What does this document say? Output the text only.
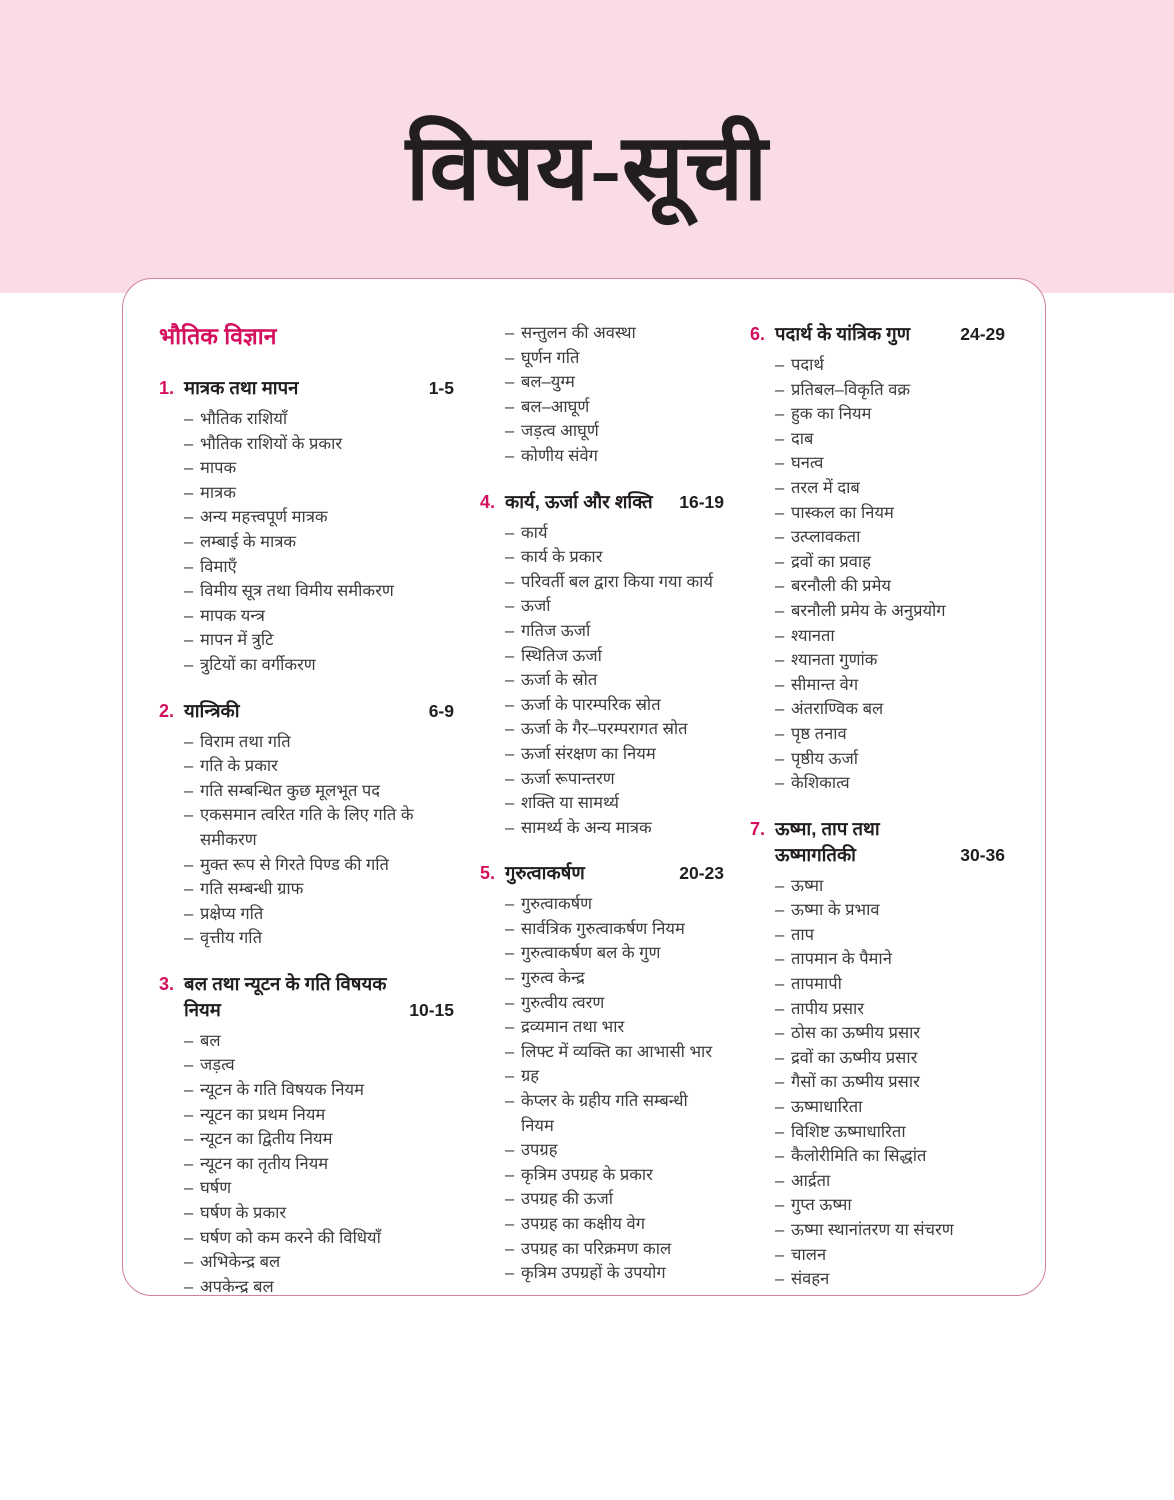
विषय-सूची
भौतिक विज्ञान
1. मात्रक तथा मापन	1-5
– भौतिक राशियाँ
– भौतिक राशियों के प्रकार
– मापक
– मात्रक
– अन्य महत्त्वपूर्ण मात्रक
– लम्बाई के मात्रक
– विमाएँ
– विमीय सूत्र तथा विमीय समीकरण
– मापक यन्त्र
– मापन में त्रुटि
– त्रुटियों का वर्गीकरण
2. यान्त्रिकी	6-9
– विराम तथा गति
– गति के प्रकार
– गति सम्बन्धित कुछ मूलभूत पद
– एकसमान त्वरित गति के लिए गति के समीकरण
– मुक्त रूप से गिरते पिण्ड की गति
– गति सम्बन्धी ग्राफ
– प्रक्षेप्य गति
– वृत्तीय गति
3. बल तथा न्यूटन के गति विषयक नियम	10-15
– बल
– जड़त्व
– न्यूटन के गति विषयक नियम
– न्यूटन का प्रथम नियम
– न्यूटन का द्वितीय नियम
– न्यूटन का तृतीय नियम
– घर्षण
– घर्षण के प्रकार
– घर्षण को कम करने की विधियाँ
– अभिकेन्द्र बल
– अपकेन्द्र बल
– सन्तुलन की अवस्था
– घूर्णन गति
– बल–युग्म
– बल–आघूर्ण
– जड़त्व आघूर्ण
– कोणीय संवेग
4. कार्य, ऊर्जा और शक्ति	16-19
– कार्य
– कार्य के प्रकार
– परिवर्ती बल द्वारा किया गया कार्य
– ऊर्जा
– गतिज ऊर्जा
– स्थितिज ऊर्जा
– ऊर्जा के स्रोत
– ऊर्जा के पारम्परिक स्रोत
– ऊर्जा के गैर–परम्परागत स्रोत
– ऊर्जा संरक्षण का नियम
– ऊर्जा रूपान्तरण
– शक्ति या सामर्थ्य
– सामर्थ्य के अन्य मात्रक
5. गुरुत्वाकर्षण	20-23
– गुरुत्वाकर्षण
– सार्वत्रिक गुरुत्वाकर्षण नियम
– गुरुत्वाकर्षण बल के गुण
– गुरुत्व केन्द्र
– गुरुत्वीय त्वरण
– द्रव्यमान तथा भार
– लिफ्ट में व्यक्ति का आभासी भार
– ग्रह
– केप्लर के ग्रहीय गति सम्बन्धी नियम
– उपग्रह
– कृत्रिम उपग्रह के प्रकार
– उपग्रह की ऊर्जा
– उपग्रह का कक्षीय वेग
– उपग्रह का परिक्रमण काल
– कृत्रिम उपग्रहों के उपयोग
6. पदार्थ के यांत्रिक गुण	24-29
– पदार्थ
– प्रतिबल–विकृति वक्र
– हुक का नियम
– दाब
– घनत्व
– तरल में दाब
– पास्कल का नियम
– उत्प्लावकता
– द्रवों का प्रवाह
– बरनौली की प्रमेय
– बरनौली प्रमेय के अनुप्रयोग
– श्यानता
– श्यानता गुणांक
– सीमान्त वेग
– अंतराण्विक बल
– पृष्ठ तनाव
– पृष्ठीय ऊर्जा
– केशिकात्व
7. ऊष्मा, ताप तथा ऊष्मागतिकी	30-36
– ऊष्मा
– ऊष्मा के प्रभाव
– ताप
– तापमान के पैमाने
– तापमापी
– तापीय प्रसार
– ठोस का ऊष्मीय प्रसार
– द्रवों का ऊष्मीय प्रसार
– गैसों का ऊष्मीय प्रसार
– ऊष्माधारिता
– विशिष्ट ऊष्माधारिता
– कैलोरीमिति का सिद्धांत
– आर्द्रता
– गुप्त ऊष्मा
– ऊष्मा स्थानांतरण या संचरण
– चालन
– संवहन
